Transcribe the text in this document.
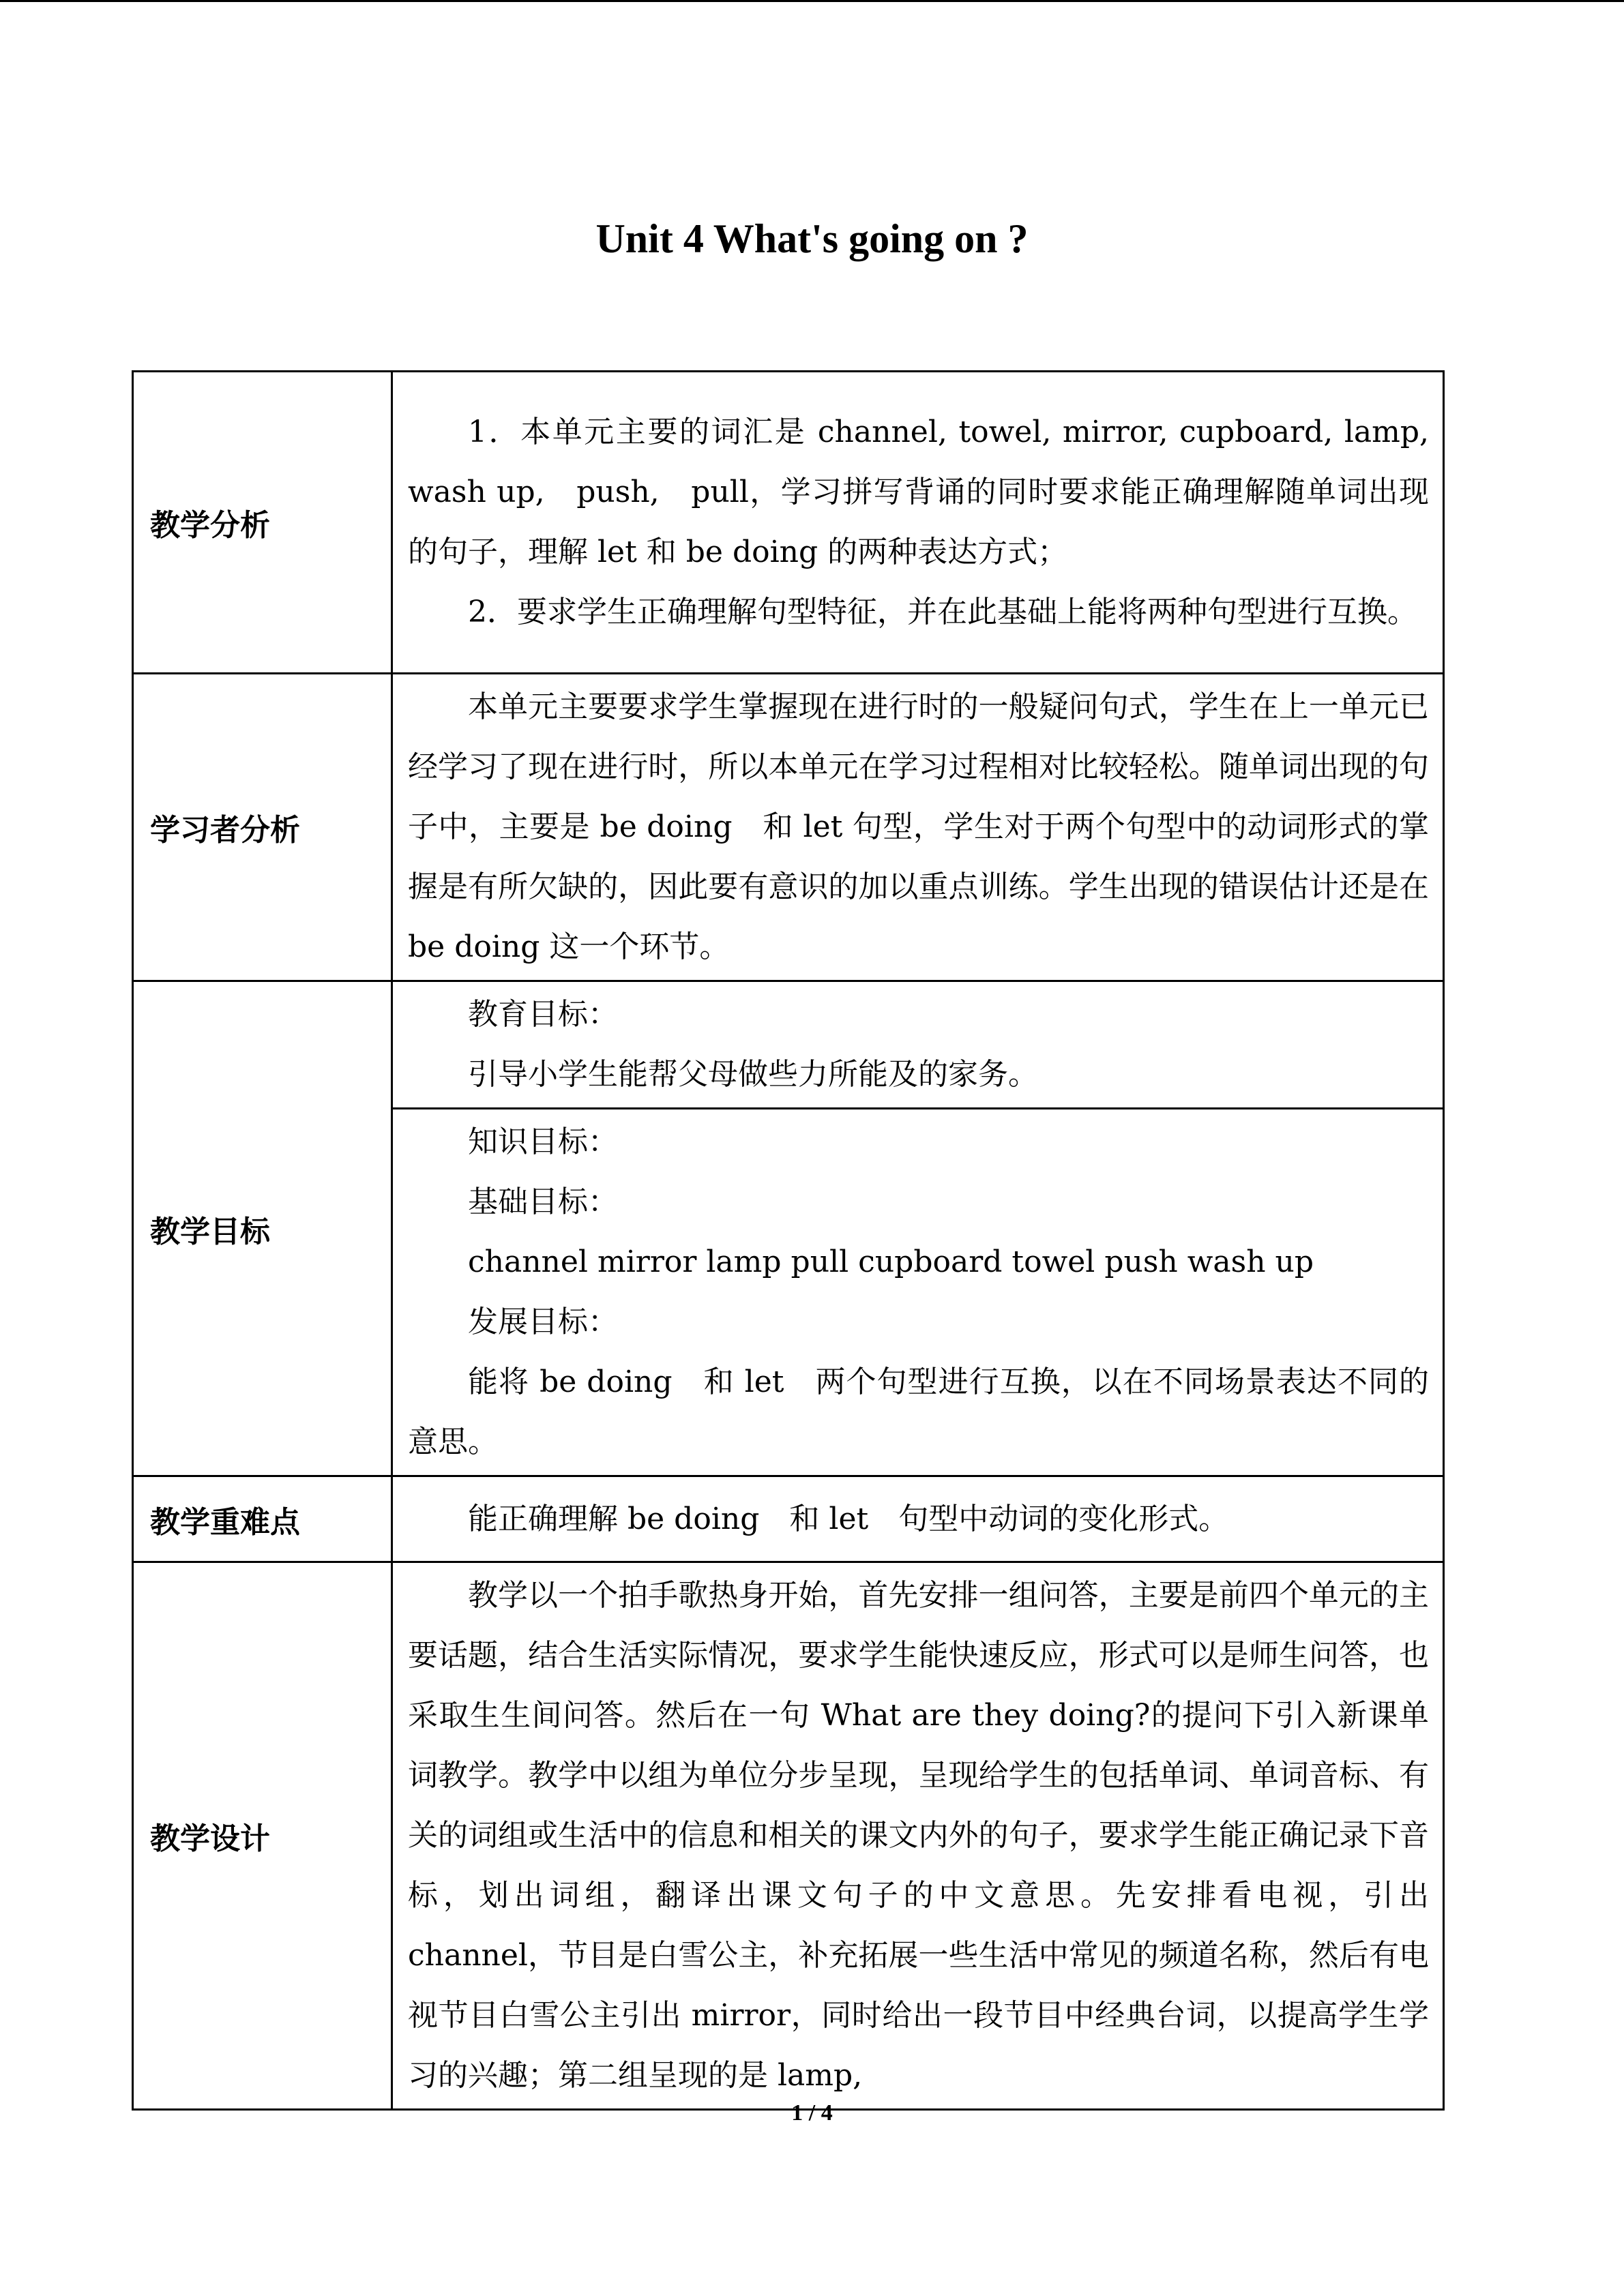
Unit 4 What's going on ?
教学分析	1．本单元主要的词汇是 channel, towel, mirror, cupboard, lamp, wash up,　push,　pull，学习拼写背诵的同时要求能正确理解随单词出现的句子，理解 let 和 be doing 的两种表达方式；

2．要求学生正确理解句型特征，并在此基础上能将两种句型进行互换。

学习者分析	本单元主要要求学生掌握现在进行时的一般疑问句式，学生在上一单元已经学习了现在进行时，所以本单元在学习过程相对比较轻松。随单词出现的句子中，主要是 be doing　和 let 句型，学生对于两个句型中的动词形式的掌握是有所欠缺的，因此要有意识的加以重点训练。学生出现的错误估计还是在 be doing 这一个环节。

教学目标	教育目标：

引导小学生能帮父母做些力所能及的家务。

	知识目标：

基础目标：

channel mirror lamp pull cupboard towel push wash up

发展目标：

能将 be doing　和 let　两个句型进行互换，以在不同场景表达不同的意思。

教学重难点	能正确理解 be doing　和 let　句型中动词的变化形式。

教学设计	教学以一个拍手歌热身开始，首先安排一组问答，主要是前四个单元的主要话题，结合生活实际情况，要求学生能快速反应，形式可以是师生问答，也采取生生间问答。然后在一句 What are they doing?的提问下引入新课单词教学。教学中以组为单位分步呈现，呈现给学生的包括单词、单词音标、有关的词组或生活中的信息和相关的课文内外的句子，要求学生能正确记录下音标，划出词组，翻译出课文句子的中文意思。先安排看电视，引出 channel，节目是白雪公主，补充拓展一些生活中常见的频道名称，然后有电视节目白雪公主引出 mirror，同时给出一段节目中经典台词，以提高学生学习的兴趣；第二组呈现的是 lamp,

1 / 4
